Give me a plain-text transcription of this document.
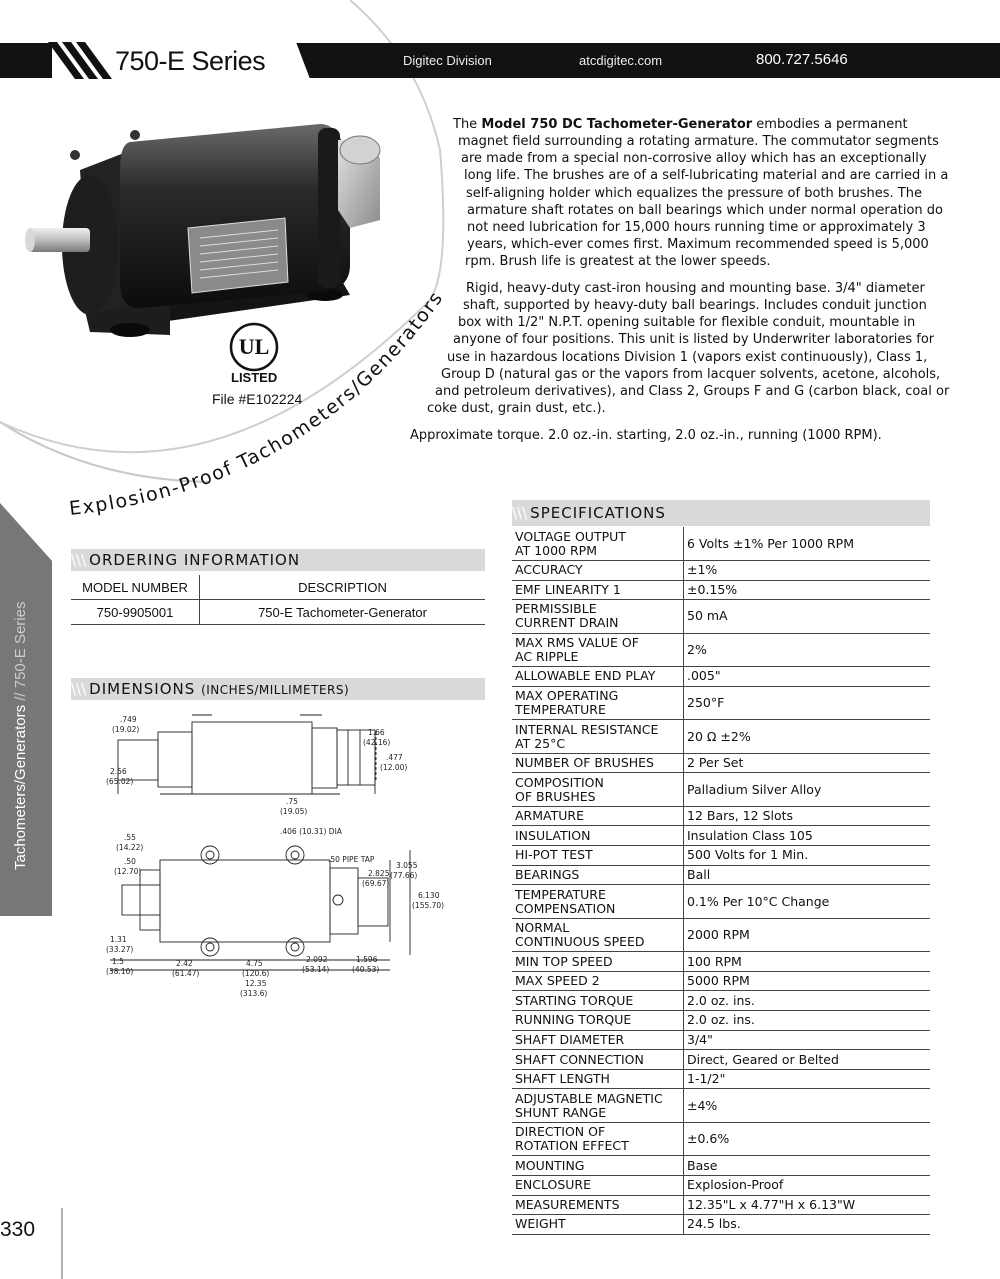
750-E Series	Digitec Division	atcdigitec.com	800.727.5646
UL
LISTED
File #E102224
The Model 750 DC Tachometer-Generator embodies a permanent
magnet field surrounding a rotating armature. The commutator segments
are made from a special non-corrosive alloy which has an exceptionally
long life. The brushes are of a self-lubricating material and are carried in a
self-aligning holder which equalizes the pressure of both brushes. The
armature shaft rotates on ball bearings which under normal operation do
not need lubrication for 15,000 hours running time or approximately 3
years, which-ever comes first. Maximum recommended speed is 5,000
rpm. Brush life is greatest at the lower speeds.
Rigid, heavy-duty cast-iron housing and mounting base. 3/4" diameter
shaft, supported by heavy-duty ball bearings. Includes conduit junction
box with 1/2" N.P.T. opening suitable for flexible conduit, mountable in
anyone of four positions. This unit is listed by Underwriter laboratories for
use in hazardous locations Division 1 (vapors exist continuously), Class 1,
Group D (natural gas or the vapors from lacquer solvents, acetone, alcohols,
and petroleum derivatives), and Class 2, Groups F and G (carbon black, coal or
coke dust, grain dust, etc.).
Approximate torque. 2.0 oz.-in. starting, 2.0 oz.-in., running (1000 RPM).
Explosion-Proof Tachometers/Generators
Tachometers/Generators // 750-E Series
\\\ ORDERING INFORMATION
MODEL NUMBER	DESCRIPTION
750-9905001	750-E Tachometer-Generator
\\\ DIMENSIONS (INCHES/MILLIMETERS)
.749
(19.02)
2.56
(65.02)
1.66
(42.16)
.477
(12.00)
.75
(19.05)
.406 (10.31) DIA
.55
(14.22)
.50
(12.70)
.50 PIPE TAP
3.055
(77.66)
2.825
(69.67)
6.130
(155.70)
1.31
(33.27)
1.5
(38.10)
2.42
(61.47)
4.75
(120.6)
2.092
(53.14)
1.596
(40.53)
12.35
(313.6)
\\\ SPECIFICATIONS
VOLTAGE OUTPUT
AT 1000 RPM	6 Volts ±1% Per 1000 RPM
ACCURACY	±1%
EMF LINEARITY 1	±0.15%
PERMISSIBLE
CURRENT DRAIN	50 mA
MAX RMS VALUE OF
AC RIPPLE	2%
ALLOWABLE END PLAY	.005"
MAX OPERATING
TEMPERATURE	250°F
INTERNAL RESISTANCE
AT 25°C	20 Ω ±2%
NUMBER OF BRUSHES	2 Per Set
COMPOSITION
OF BRUSHES	Palladium Silver Alloy
ARMATURE	12 Bars, 12 Slots
INSULATION	Insulation Class 105
HI-POT TEST	500 Volts for 1 Min.
BEARINGS	Ball
TEMPERATURE
COMPENSATION	0.1% Per 10°C Change
NORMAL
CONTINUOUS SPEED	2000 RPM
MIN TOP SPEED	100 RPM
MAX SPEED 2	5000 RPM
STARTING TORQUE	2.0 oz. ins.
RUNNING TORQUE	2.0 oz. ins.
SHAFT DIAMETER	3/4"
SHAFT CONNECTION	Direct, Geared or Belted
SHAFT LENGTH	1-1/2"
ADJUSTABLE MAGNETIC
SHUNT RANGE	±4%
DIRECTION OF
ROTATION EFFECT	±0.6%
MOUNTING	Base
ENCLOSURE	Explosion-Proof
MEASUREMENTS	12.35"L x 4.77"H x 6.13"W
WEIGHT	24.5 lbs.
330
